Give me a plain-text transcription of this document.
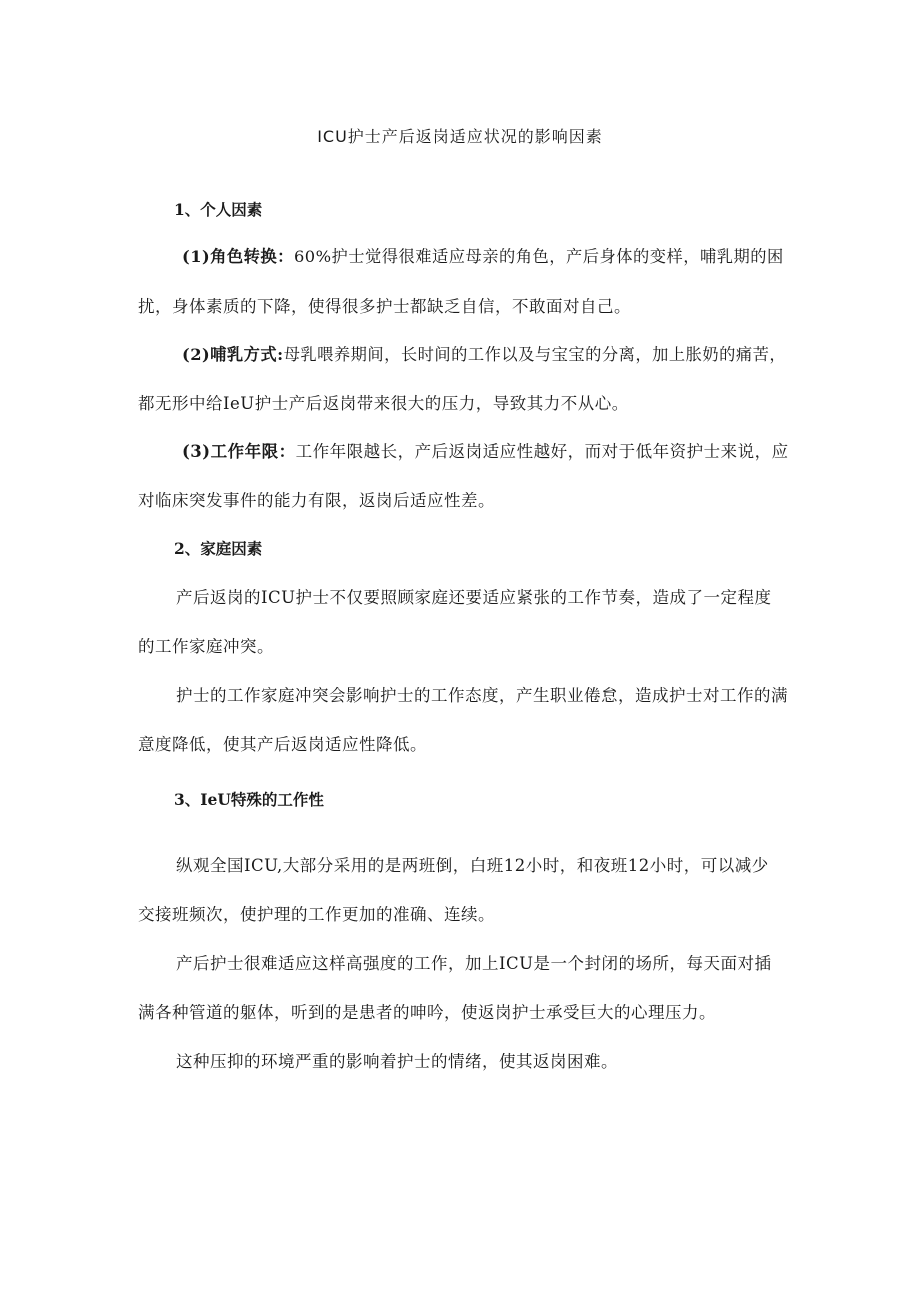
ICU护士产后返岗适应状况的影响因素
1、个人因素
(1)角色转换：60%护士觉得很难适应母亲的角色，产后身体的变样，哺乳期的困
扰，身体素质的下降，使得很多护士都缺乏自信，不敢面对自己。
(2)哺乳方式:母乳喂养期间，长时间的工作以及与宝宝的分离，加上胀奶的痛苦，
都无形中给IeU护士产后返岗带来很大的压力，导致其力不从心。
(3)工作年限：工作年限越长，产后返岗适应性越好，而对于低年资护士来说，应
对临床突发事件的能力有限，返岗后适应性差。
2、家庭因素
产后返岗的ICU护士不仅要照顾家庭还要适应紧张的工作节奏，造成了一定程度
的工作家庭冲突。
护士的工作家庭冲突会影响护士的工作态度，产生职业倦怠，造成护士对工作的满
意度降低，使其产后返岗适应性降低。
3、IeU特殊的工作性
纵观全国ICU,大部分采用的是两班倒，白班12小时，和夜班12小时，可以减少
交接班频次，使护理的工作更加的准确、连续。
产后护士很难适应这样高强度的工作，加上ICU是一个封闭的场所，每天面对插
满各种管道的躯体，听到的是患者的呻吟，使返岗护士承受巨大的心理压力。
这种压抑的环境严重的影响着护士的情绪，使其返岗困难。
